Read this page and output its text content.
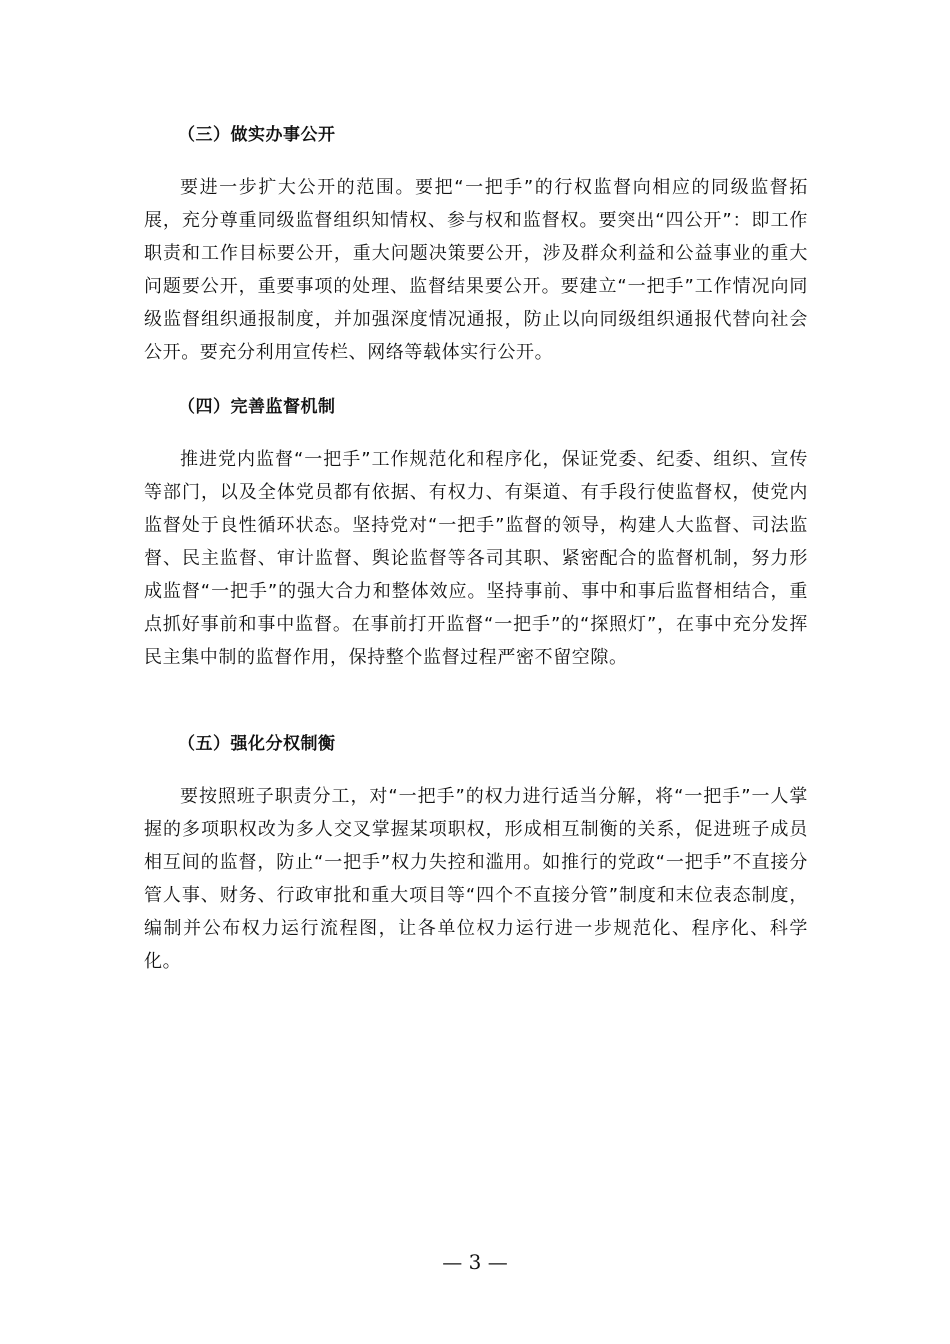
（三）做实办事公开

要进一步扩大公开的范围。要把“一把手”的行权监督向相应的同级监督拓展，充分尊重同级监督组织知情权、参与权和监督权。要突出“四公开”：即工作职责和工作目标要公开，重大问题决策要公开，涉及群众利益和公益事业的重大问题要公开，重要事项的处理、监督结果要公开。要建立“一把手”工作情况向同级监督组织通报制度，并加强深度情况通报，防止以向同级组织通报代替向社会公开。要充分利用宣传栏、网络等载体实行公开。

（四）完善监督机制

推进党内监督“一把手”工作规范化和程序化，保证党委、纪委、组织、宣传等部门，以及全体党员都有依据、有权力、有渠道、有手段行使监督权，使党内监督处于良性循环状态。坚持党对“一把手”监督的领导，构建人大监督、司法监督、民主监督、审计监督、舆论监督等各司其职、紧密配合的监督机制，努力形成监督“一把手”的强大合力和整体效应。坚持事前、事中和事后监督相结合，重点抓好事前和事中监督。在事前打开监督“一把手”的“探照灯”，在事中充分发挥民主集中制的监督作用，保持整个监督过程严密不留空隙。

（五）强化分权制衡

要按照班子职责分工，对“一把手”的权力进行适当分解，将“一把手”一人掌握的多项职权改为多人交叉掌握某项职权，形成相互制衡的关系，促进班子成员相互间的监督，防止“一把手”权力失控和滥用。如推行的党政“一把手”不直接分管人事、财务、行政审批和重大项目等“四个不直接分管”制度和末位表态制度，编制并公布权力运行流程图，让各单位权力运行进一步规范化、程序化、科学化。

— 3 —
